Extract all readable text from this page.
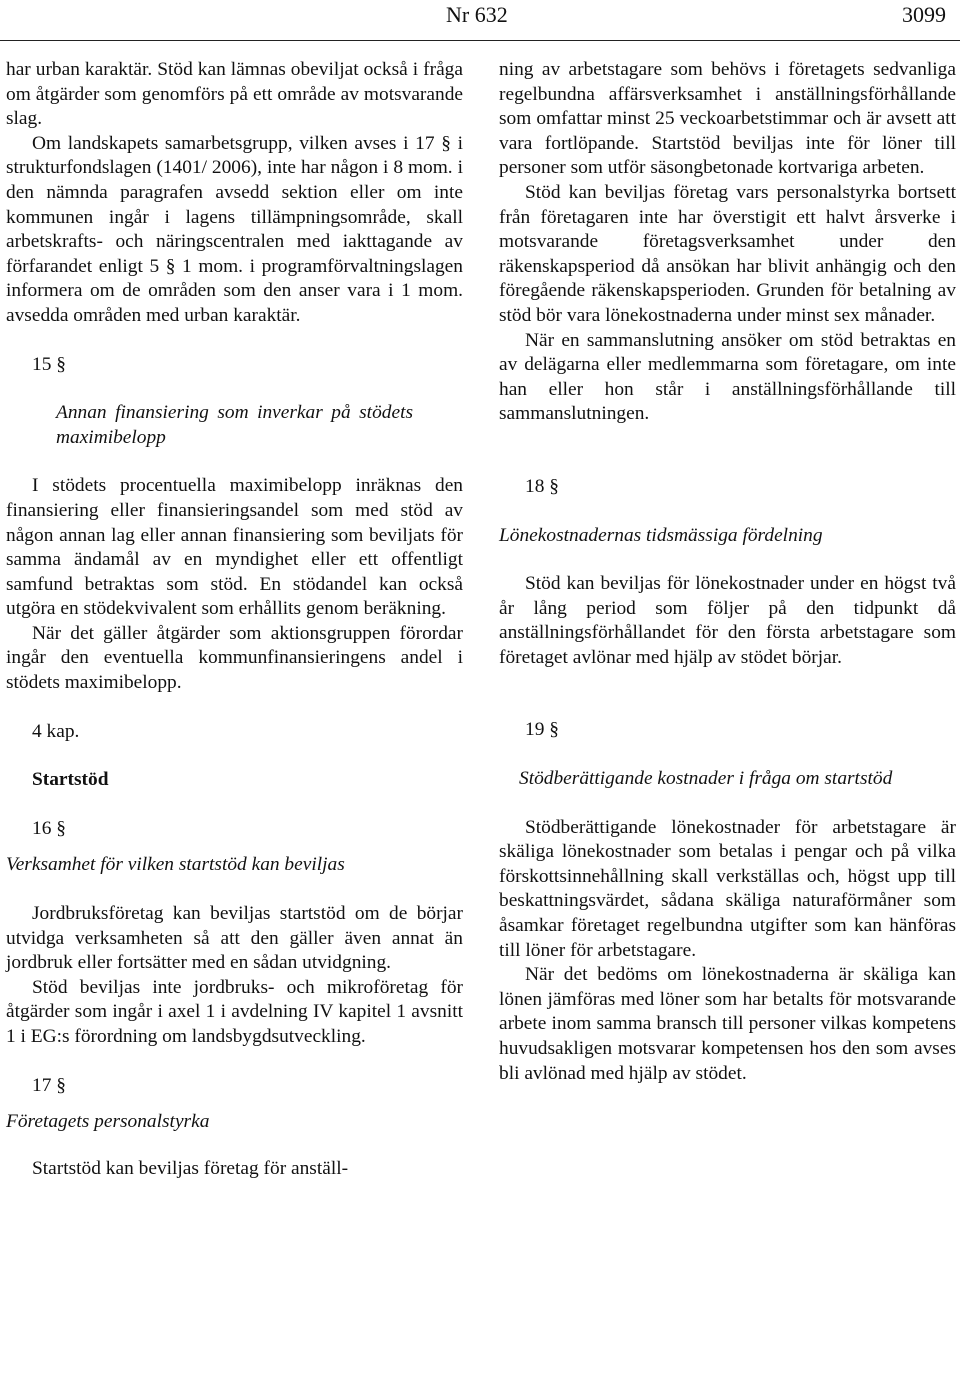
Nr 632	3099

har urban karaktär. Stöd kan lämnas obeviljat också i fråga om åtgärder som genomförs på ett område av motsvarande slag.

Om landskapets samarbetsgrupp, vilken avses i 17 § i strukturfondslagen (1401/ 2006), inte har någon i 8 mom. i den nämnda paragrafen avsedd sektion eller om inte kommunen ingår i lagens tillämpningsområde, skall arbetskrafts- och näringscentralen med iakttagande av förfarandet enligt 5 § 1 mom. i programförvaltningslagen informera om de områden som den anser vara i 1 mom. avsedda områden med urban karaktär.

15 §

Annan finansiering som inverkar på stödets maximibelopp

I stödets procentuella maximibelopp inräknas den finansiering eller finansieringsandel som med stöd av någon annan lag eller annan finansiering som beviljats för samma ändamål av en myndighet eller ett offentligt samfund betraktas som stöd. En stödandel kan också utgöra en stödekvivalent som erhållits genom beräkning.

När det gäller åtgärder som aktionsgruppen förordar ingår den eventuella kommunfinansieringens andel i stödets maximibelopp.

4 kap.

Startstöd

16 §

Verksamhet för vilken startstöd kan beviljas

Jordbruksföretag kan beviljas startstöd om de börjar utvidga verksamheten så att den gäller även annat än jordbruk eller fortsätter med en sådan utvidgning.

Stöd beviljas inte jordbruks- och mikroföretag för åtgärder som ingår i axel 1 i avdelning IV kapitel 1 avsnitt 1 i EG:s förordning om landsbygdsutveckling.

17 §

Företagets personalstyrka

Startstöd kan beviljas företag för anställ-

ning av arbetstagare som behövs i företagets sedvanliga regelbundna affärsverksamhet i anställningsförhållande som omfattar minst 25 veckoarbetstimmar och är avsett att vara fortlöpande. Startstöd beviljas inte för löner till personer som utför säsongbetonade kortvariga arbeten.

Stöd kan beviljas företag vars personalstyrka bortsett från företagaren inte har överstigit ett halvt årsverke i motsvarande företagsverksamhet under den räkenskapsperiod då ansökan har blivit anhängig och den föregående räkenskapsperioden. Grunden för betalning av stöd bör vara lönekostnaderna under minst sex månader.

När en sammanslutning ansöker om stöd betraktas en av delägarna eller medlemmarna som företagare, om inte han eller hon står i anställningsförhållande till sammanslutningen.

18 §

Lönekostnadernas tidsmässiga fördelning

Stöd kan beviljas för lönekostnader under en högst två år lång period som följer på den tidpunkt då anställningsförhållandet för den första arbetstagare som företaget avlönar med hjälp av stödet börjar.

19 §

Stödberättigande kostnader i fråga om startstöd

Stödberättigande lönekostnader för arbetstagare är skäliga lönekostnader som betalas i pengar och på vilka förskottsinnehållning skall verkställas och, högst upp till beskattningsvärdet, sådana skäliga naturaförmåner som åsamkar företaget regelbundna utgifter som kan hänföras till löner för arbetstagare.

När det bedöms om lönekostnaderna är skäliga kan lönen jämföras med löner som har betalts för motsvarande arbete inom samma bransch till personer vilkas kompetens huvudsakligen motsvarar kompetensen hos den som avses bli avlönad med hjälp av stödet.
